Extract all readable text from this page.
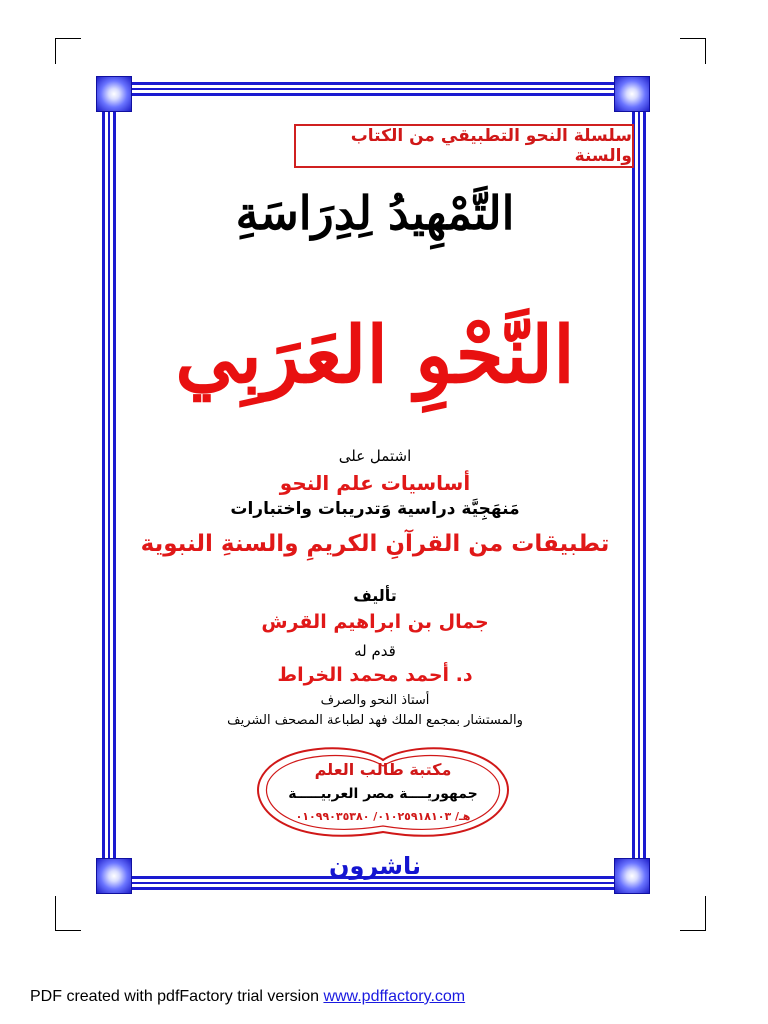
سلسلة النحو التطبيقي من الكتاب والسنة
التَّمْهِيدُ لِدِرَاسَةِ
النَّحْوِ العَرَبِي
اشتمل على
أساسيات علم النحو
مَنهَجِيَّة دراسية وَتدريبات واختبارات
تطبيقات من القرآنِ الكريمِ والسنةِ النبوية
تأليف
جمال بن ابراهيم القرش
قدم له
د. أحمد محمد الخراط
أستاذ النحو والصرف
والمستشار بمجمع الملك فهد لطباعة المصحف الشريف
مكتبة طالب العلم
جمهوريــــة مصر العربيـــــة
هـ/ ٠١٠٢٥٩١٨١٠٣/ ٠١٠٩٩٠٣٥٣٨٠
ناشرون
PDF created with pdfFactory trial version www.pdffactory.com
